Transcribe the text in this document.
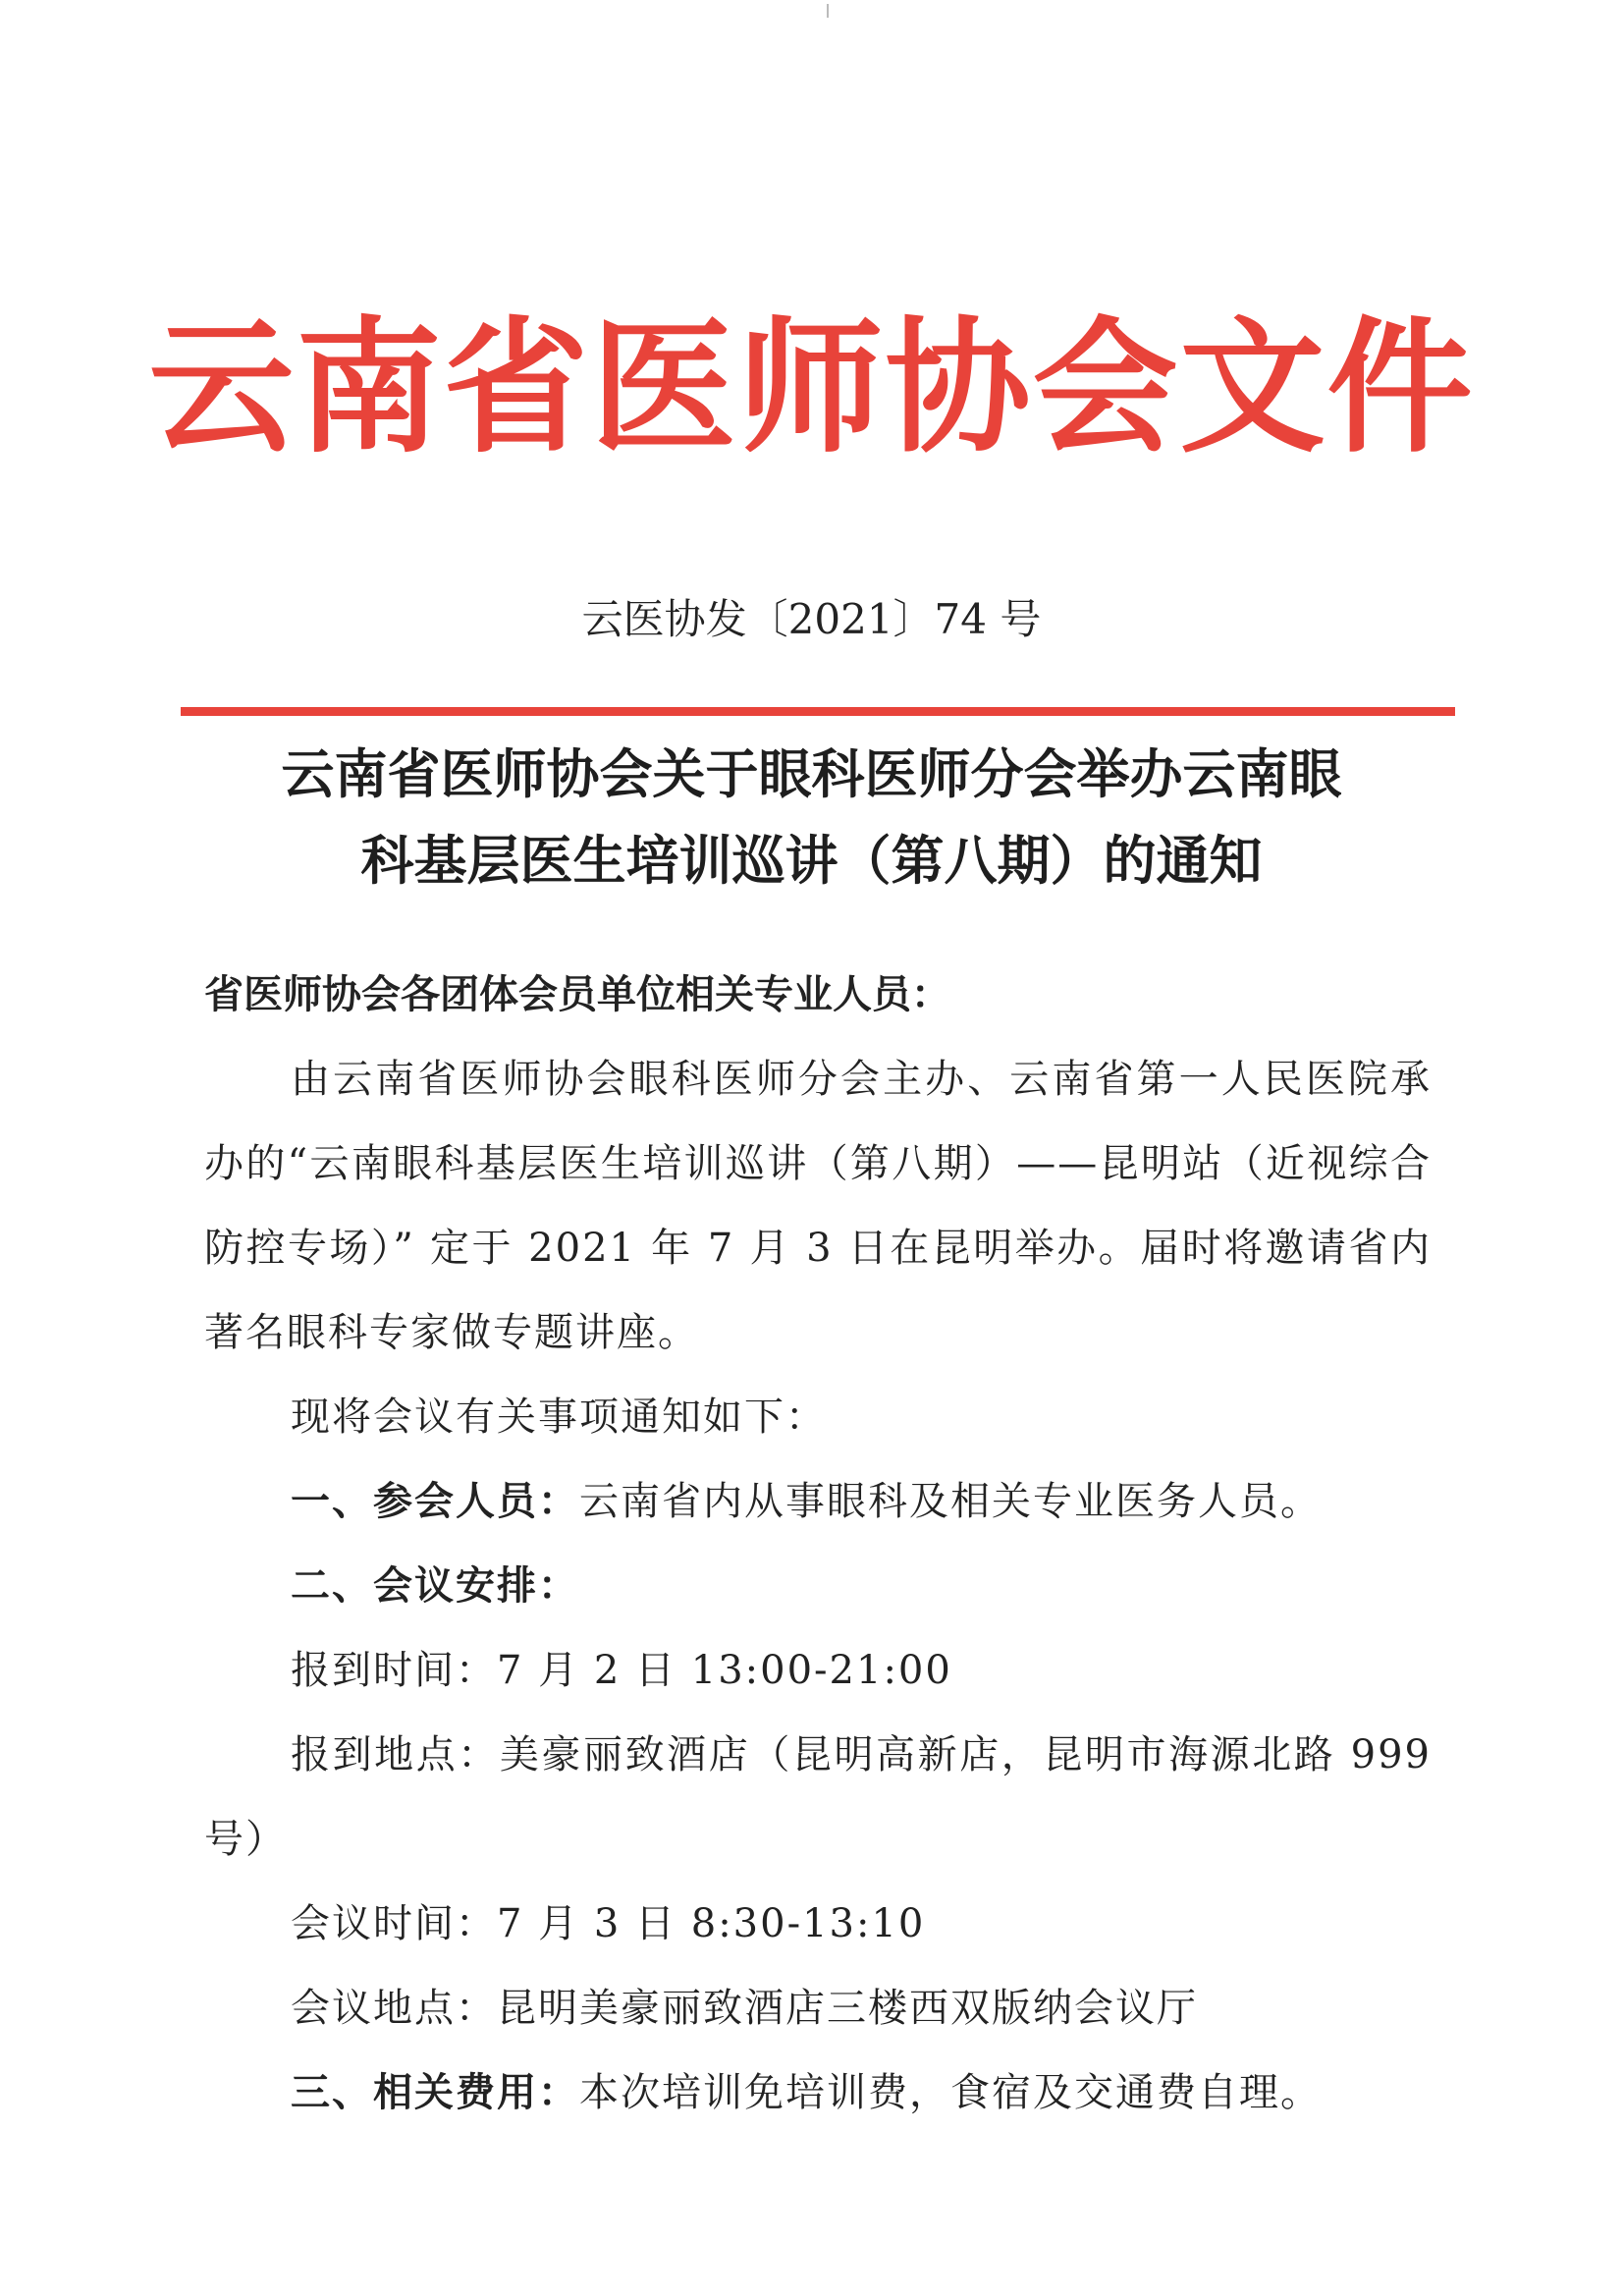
云南省医师协会文件
云医协发〔2021〕74 号
云南省医师协会关于眼科医师分会举办云南眼
科基层医生培训巡讲（第八期）的通知
省医师协会各团体会员单位相关专业人员：
由云南省医师协会眼科医师分会主办、云南省第一人民医院承办的“云南眼科基层医生培训巡讲（第八期）——昆明站（近视综合防控专场）” 定于 2021 年 7 月 3 日在昆明举办。届时将邀请省内著名眼科专家做专题讲座。
现将会议有关事项通知如下：
一、参会人员：云南省内从事眼科及相关专业医务人员。
二、会议安排：
报到时间：7 月 2 日 13:00-21:00
报到地点：美豪丽致酒店（昆明高新店，昆明市海源北路 999 号）
会议时间：7 月 3 日 8:30-13:10
会议地点：昆明美豪丽致酒店三楼西双版纳会议厅
三、相关费用：本次培训免培训费，食宿及交通费自理。
